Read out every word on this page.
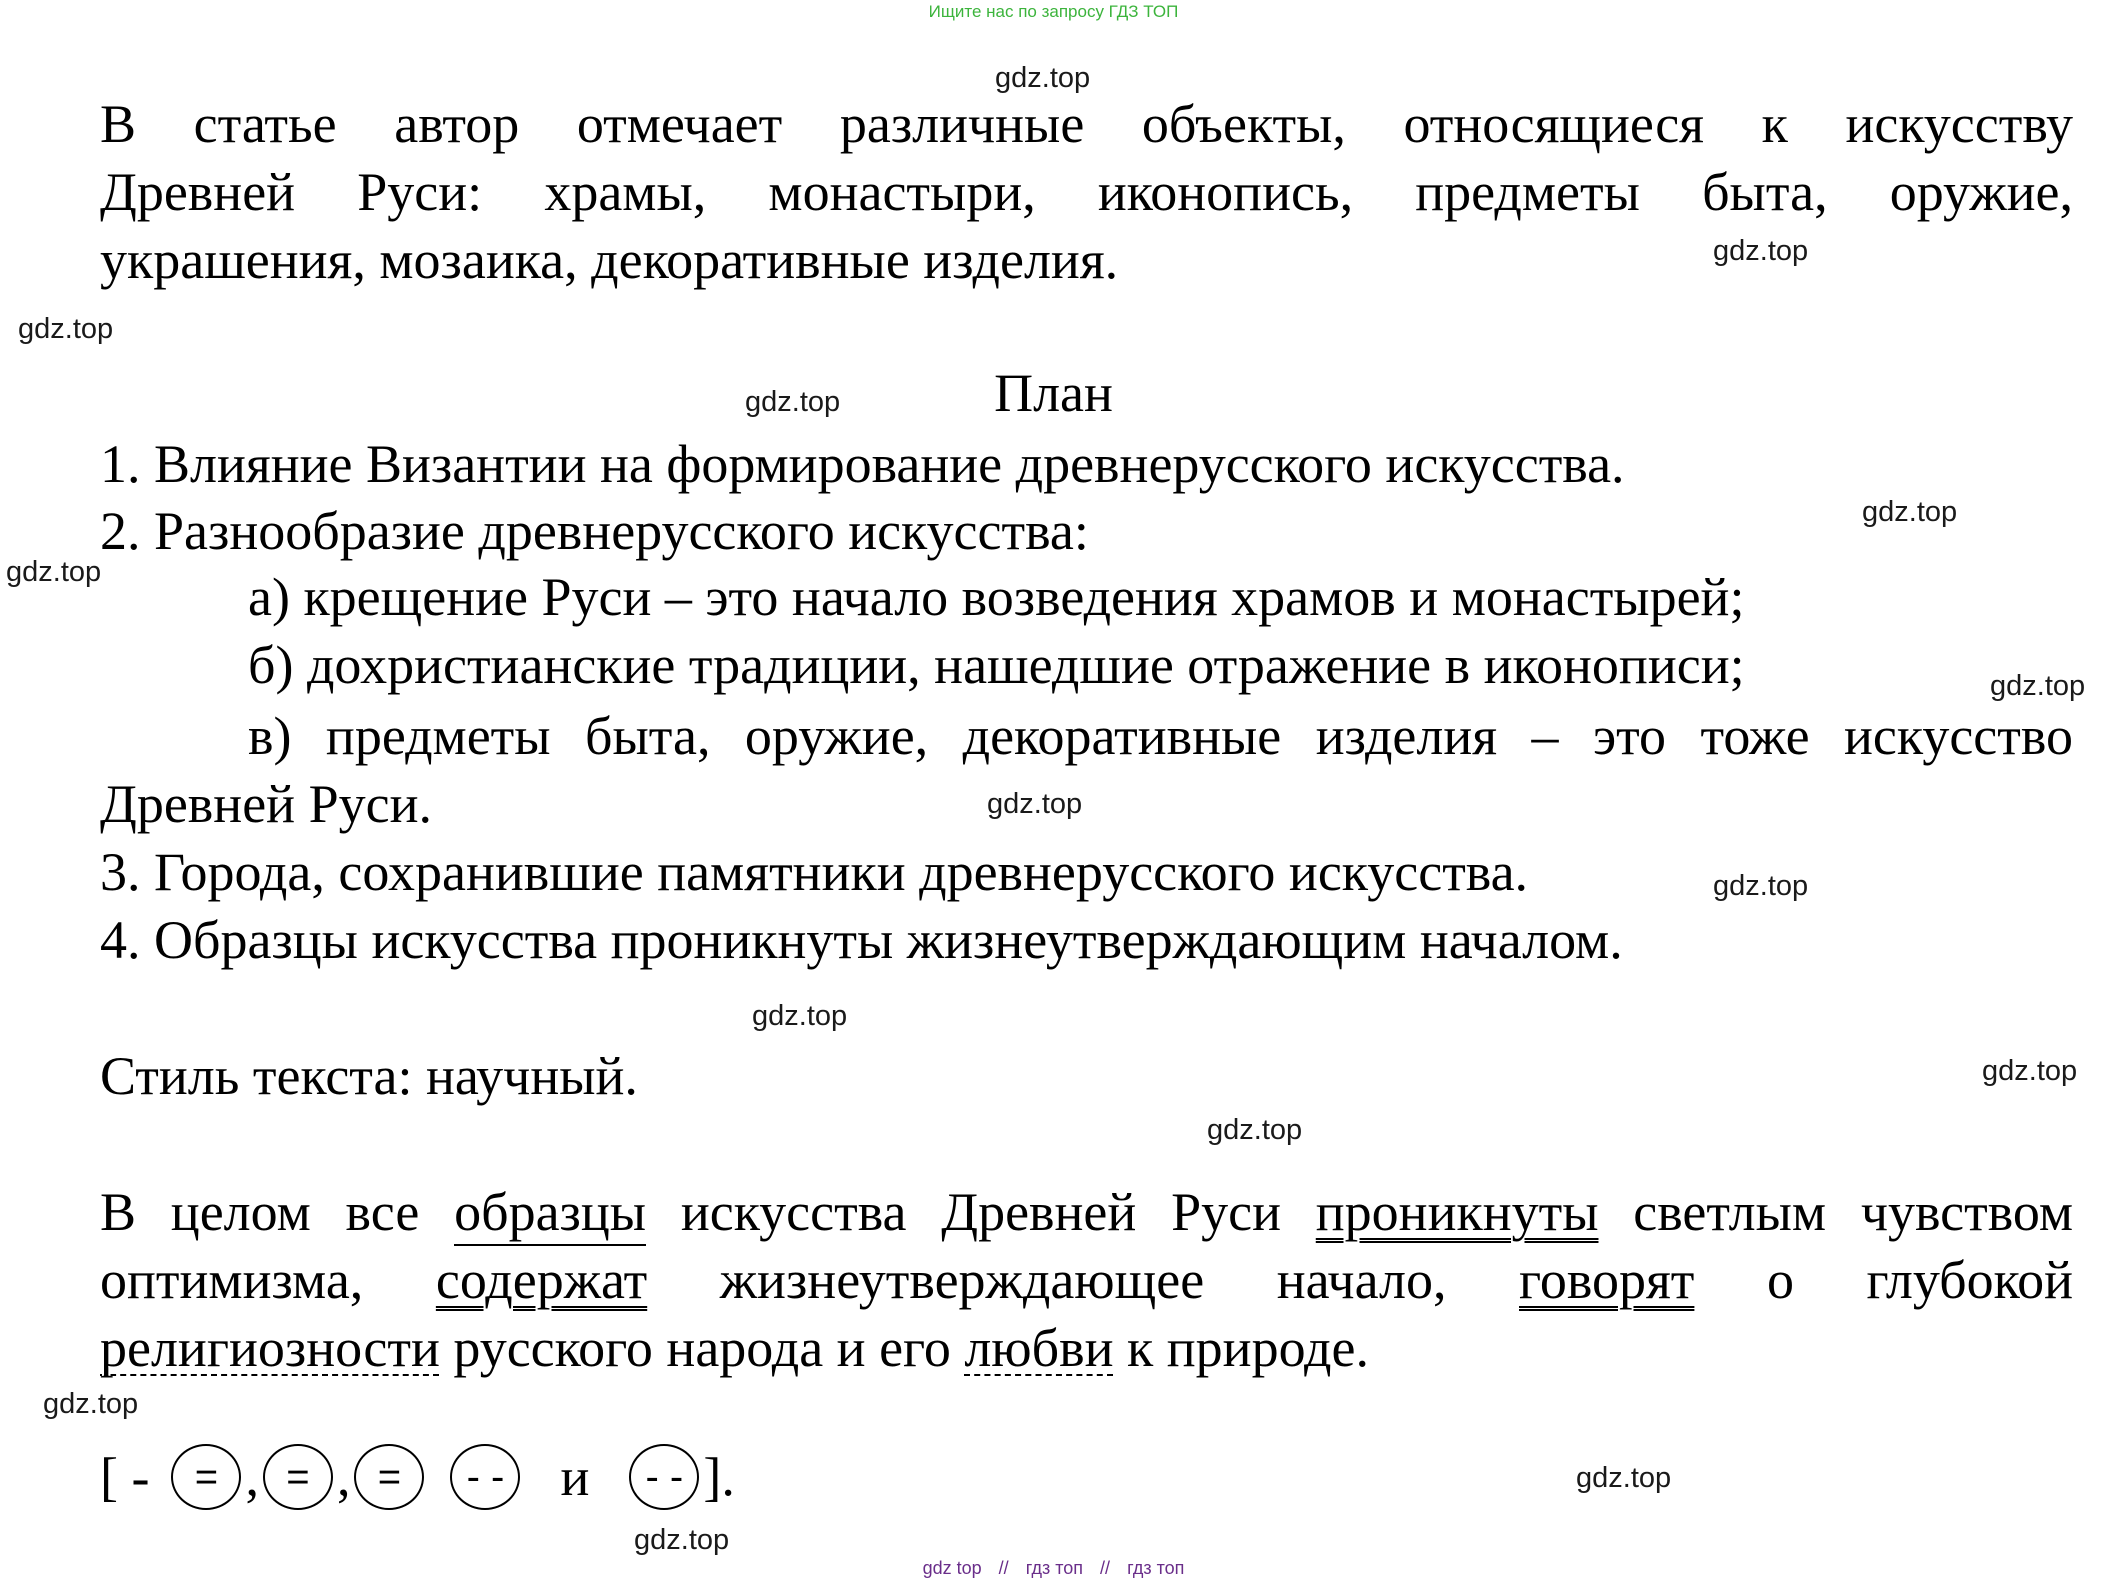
Ищите нас по запросу ГДЗ ТОП
gdz.top
gdz.top
gdz.top
gdz.top
gdz.top
gdz.top
gdz.top
gdz.top
gdz.top
gdz.top
gdz.top
gdz.top
gdz.top
gdz.top
gdz.top
В статье автор отмечает различные объекты, относящиеся к искусству
Древней Руси: храмы, монастыри, иконопись, предметы быта, оружие,
украшения, мозаика, декоративные изделия.
План
1. Влияние Византии на формирование древнерусского искусства.
2. Разнообразие древнерусского искусства:
а) крещение Руси – это начало возведения храмов и монастырей;
б) дохристианские традиции, нашедшие отражение в иконописи;
в) предметы быта, оружие, декоративные изделия – это тоже искусство
Древней Руси.
3. Города, сохранившие памятники древнерусского искусства.
4. Образцы искусства проникнуты жизнеутверждающим началом.
Стиль текста: научный.
В целом все образцы искусства Древней Руси проникнуты светлым чувством
оптимизма, содержат жизнеутверждающее начало, говорят о глубокой
религиозности русского народа и его любви к природе.
[ -	= , = , =	- - и	- - ].
gdz top // гдз топ // гдз топ
